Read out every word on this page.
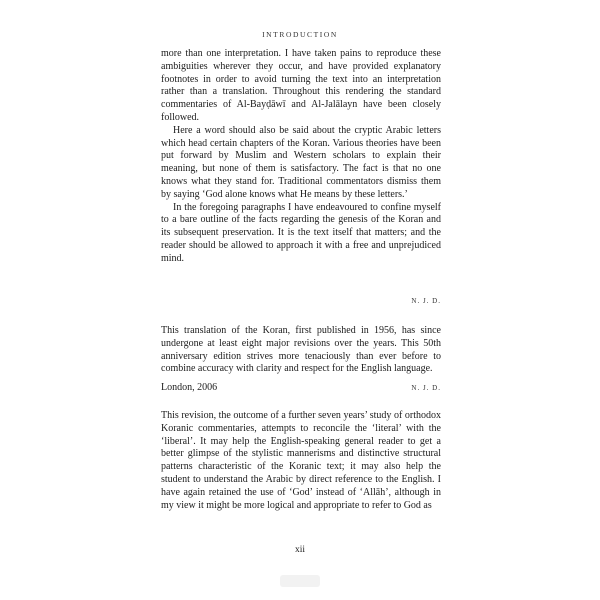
INTRODUCTION

more than one interpretation. I have taken pains to reproduce these ambiguities wherever they occur, and have provided explanatory footnotes in order to avoid turning the text into an interpretation rather than a translation. Throughout this rendering the standard commentaries of Al-Bayḍāwī and Al-Jalālayn have been closely followed.

Here a word should also be said about the cryptic Arabic letters which head certain chapters of the Koran. Various theories have been put forward by Muslim and Western scholars to explain their meaning, but none of them is satisfactory. The fact is that no one knows what they stand for. Traditional commentators dismiss them by saying ‘God alone knows what He means by these letters.’

In the foregoing paragraphs I have endeavoured to confine myself to a bare outline of the facts regarding the genesis of the Koran and its subsequent preservation. It is the text itself that matters; and the reader should be allowed to approach it with a free and unprejudiced mind.

N. J. D.

This translation of the Koran, first published in 1956, has since undergone at least eight major revisions over the years. This 50th anniversary edition strives more tenaciously than ever before to combine accuracy with clarity and respect for the English language.

London, 2006	N. J. D.

This revision, the outcome of a further seven years’ study of orthodox Koranic commentaries, attempts to reconcile the ‘literal’ with the ‘liberal’. It may help the English-speaking general reader to get a better glimpse of the stylistic mannerisms and distinctive structural patterns characteristic of the Koranic text; it may also help the student to understand the Arabic by direct reference to the English. I have again retained the use of ‘God’ instead of ‘Allāh’, although in my view it might be more logical and appropriate to refer to God as

xii
